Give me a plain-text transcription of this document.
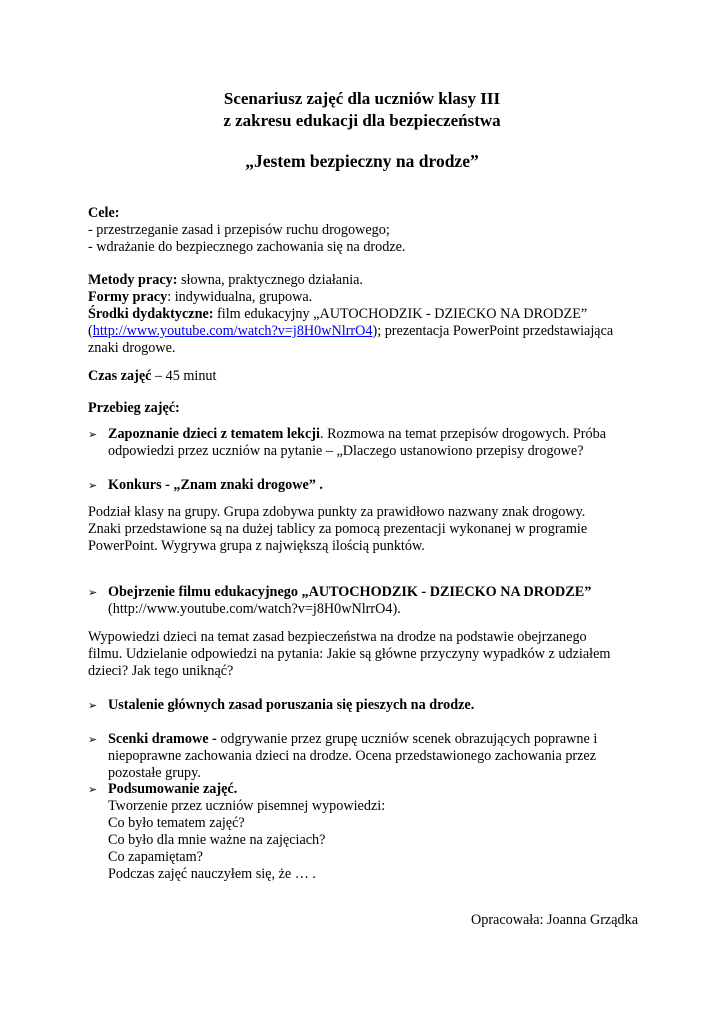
Scenariusz zajęć dla uczniów klasy III

z zakresu edukacji dla bezpieczeństwa

„Jestem bezpieczny na drodze”

Cele:
- przestrzeganie zasad i przepisów ruchu drogowego;
- wdrażanie do bezpiecznego zachowania się na drodze.
Metody pracy: słowna, praktycznego działania.
Formy pracy: indywidualna, grupowa.
Środki dydaktyczne: film edukacyjny „AUTOCHODZIK - DZIECKO NA DRODZE”
(http://www.youtube.com/watch?v=j8H0wNlrrO4); prezentacja PowerPoint przedstawiająca
znaki drogowe.
Czas zajęć – 45 minut
Przebieg zajęć:
➢ Zapoznanie dzieci z tematem lekcji. Rozmowa na temat przepisów drogowych. Próba
odpowiedzi przez uczniów na pytanie – „Dlaczego ustanowiono przepisy drogowe?
➢ Konkurs - „Znam znaki drogowe” .
Podział klasy na grupy. Grupa zdobywa punkty za prawidłowo nazwany znak drogowy.
Znaki przedstawione są na dużej tablicy za pomocą prezentacji wykonanej w programie
PowerPoint. Wygrywa grupa z największą ilością punktów.
➢ Obejrzenie filmu edukacyjnego „AUTOCHODZIK - DZIECKO NA DRODZE”
(http://www.youtube.com/watch?v=j8H0wNlrrO4).
Wypowiedzi dzieci na temat zasad bezpieczeństwa na drodze na podstawie obejrzanego
filmu. Udzielanie odpowiedzi na pytania: Jakie są główne przyczyny wypadków z udziałem
dzieci? Jak tego uniknąć?
➢ Ustalenie głównych zasad poruszania się pieszych na drodze.
➢ Scenki dramowe - odgrywanie przez grupę uczniów scenek obrazujących poprawne i
niepoprawne zachowania dzieci na drodze. Ocena przedstawionego zachowania przez
pozostałe grupy.
➢ Podsumowanie zajęć.
Tworzenie przez uczniów pisemnej wypowiedzi:
Co było tematem zajęć?
Co było dla mnie ważne na zajęciach?
Co zapamiętam?
Podczas zajęć nauczyłem się, że … .
Opracowała: Joanna Grządka
